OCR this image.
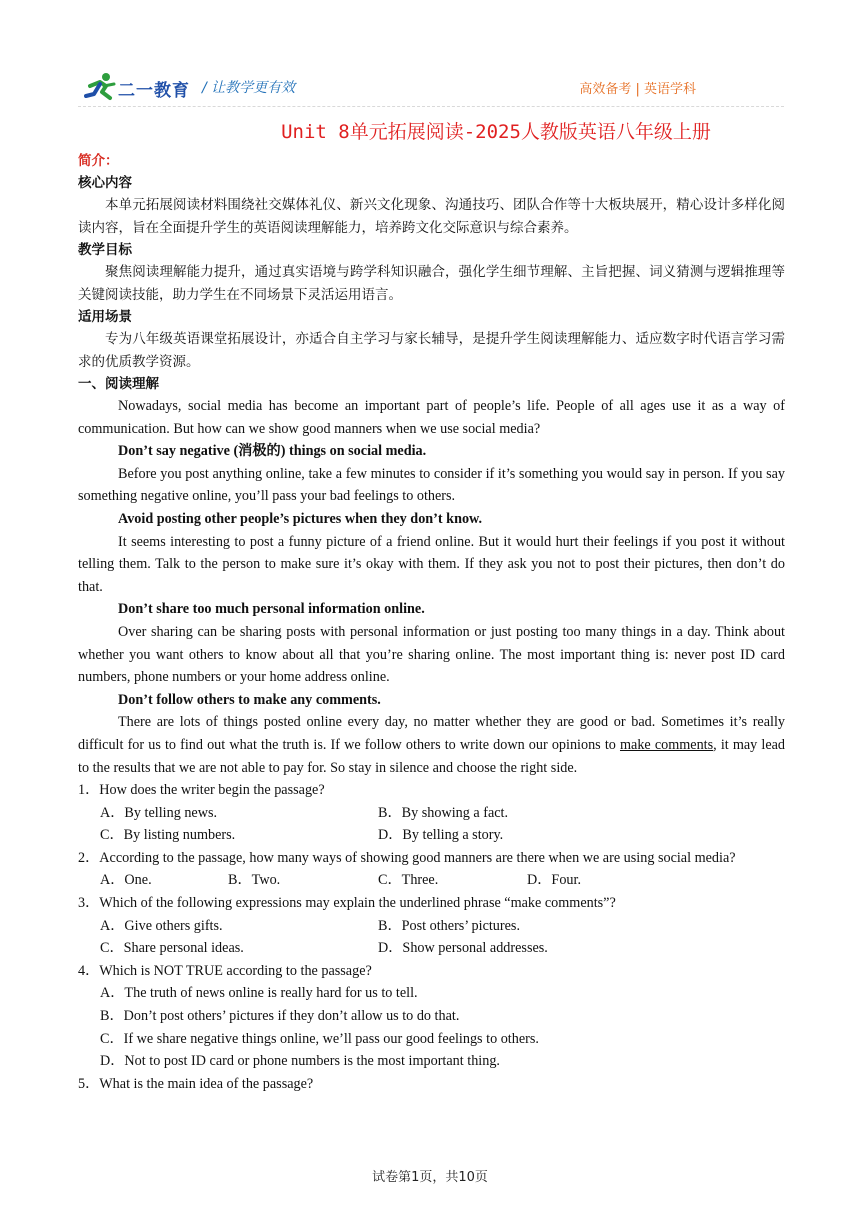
二一教育 / 让教学更有效	高效备考 | 英语学科
Unit 8单元拓展阅读-2025人教版英语八年级上册
简介：
核心内容

本单元拓展阅读材料围绕社交媒体礼仪、新兴文化现象、沟通技巧、团队合作等十大板块展开，精心设计多样化阅读内容，旨在全面提升学生的英语阅读理解能力，培养跨文化交际意识与综合素养。

教学目标

聚焦阅读理解能力提升，通过真实语境与跨学科知识融合，强化学生细节理解、主旨把握、词义猜测与逻辑推理等关键阅读技能，助力学生在不同场景下灵活运用语言。

适用场景

专为八年级英语课堂拓展设计，亦适合自主学习与家长辅导，是提升学生阅读理解能力、适应数字时代语言学习需求的优质教学资源。

一、阅读理解

Nowadays, social media has become an important part of people’s life. People of all ages use it as a way of communication. But how can we show good manners when we use social media?

Don’t say negative (消极的) things on social media.

Before you post anything online, take a few minutes to consider if it’s something you would say in person. If you say something negative online, you’ll pass your bad feelings to others.

Avoid posting other people’s pictures when they don’t know.

It seems interesting to post a funny picture of a friend online. But it would hurt their feelings if you post it without telling them. Talk to the person to make sure it’s okay with them. If they ask you not to post their pictures, then don’t do that.

Don’t share too much personal information online.

Over sharing can be sharing posts with personal information or just posting too many things in a day. Think about whether you want others to know about all that you’re sharing online. The most important thing is: never post ID card numbers, phone numbers or your home address online.

Don’t follow others to make any comments.

There are lots of things posted online every day, no matter whether they are good or bad. Sometimes it’s really difficult for us to find out what the truth is. If we follow others to write down our opinions to make comments, it may lead to the results that we are not able to pay for. So stay in silence and choose the right side.

1．How does the writer begin the passage?

A．By telling news.	B．By showing a fact.
C．By listing numbers.	D．By telling a story.

2．According to the passage, how many ways of showing good manners are there when we are using social media?

A．One.	B．Two.	C．Three.	D．Four.

3．Which of the following expressions may explain the underlined phrase “make comments”?

A．Give others gifts.	B．Post others’ pictures.
C．Share personal ideas.	D．Show personal addresses.

4．Which is NOT TRUE according to the passage?

A．The truth of news online is really hard for us to tell.

B．Don’t post others’ pictures if they don’t allow us to do that.

C．If we share negative things online, we’ll pass our good feelings to others.

D．Not to post ID card or phone numbers is the most important thing.

5．What is the main idea of the passage?

试卷第1页，共10页
